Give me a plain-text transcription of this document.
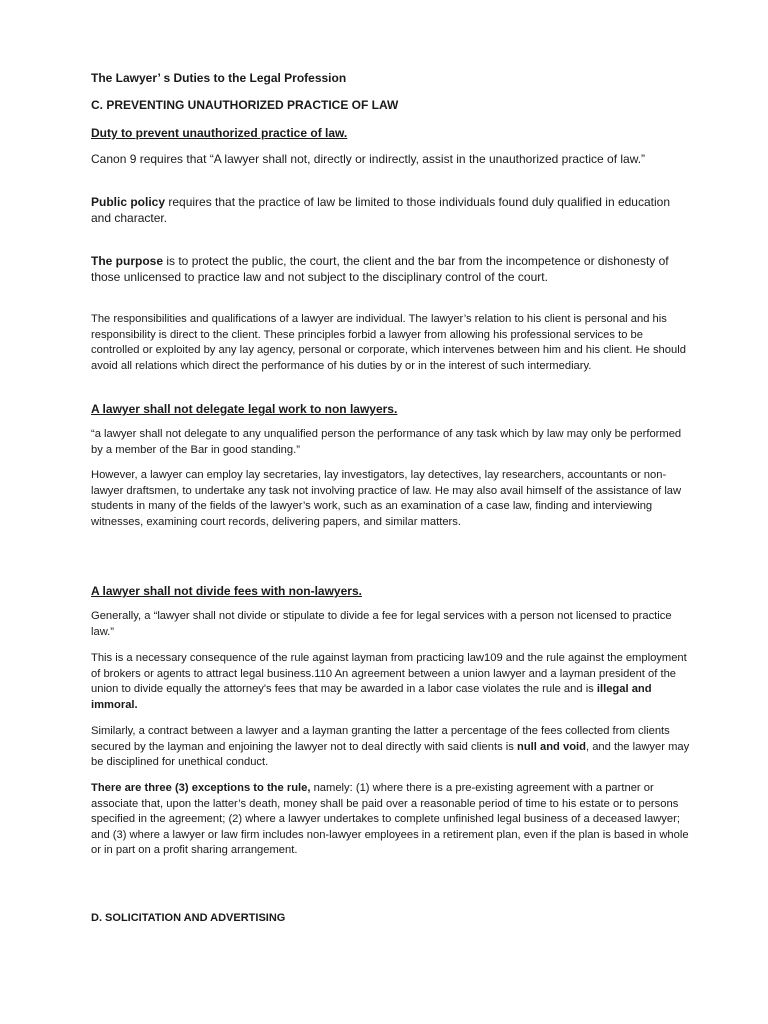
The Lawyer’ s Duties to the Legal Profession

C. PREVENTING UNAUTHORIZED PRACTICE OF LAW

Duty to prevent unauthorized practice of law.

Canon 9 requires that “A lawyer shall not, directly or indirectly, assist in the unauthorized practice of law.”

Public policy requires that the practice of law be limited to those individuals found duly qualified in education and character.

The purpose is to protect the public, the court, the client and the bar from the incompetence or dishonesty of those unlicensed to practice law and not subject to the disciplinary control of the court.

The responsibilities and qualifications of a lawyer are individual. The lawyer’s relation to his client is personal and his responsibility is direct to the client. These principles forbid a lawyer from allowing his professional services to be controlled or exploited by any lay agency, personal or corporate, which intervenes between him and his client. He should avoid all relations which direct the performance of his duties by or in the interest of such intermediary.

A lawyer shall not delegate legal work to non lawyers.

“a lawyer shall not delegate to any unqualified person the performance of any task which by law may only be performed by a member of the Bar in good standing.”

However, a lawyer can employ lay secretaries, lay investigators, lay detectives, lay researchers, accountants or non-lawyer draftsmen, to undertake any task not involving practice of law. He may also avail himself of the assistance of law students in many of the fields of the lawyer’s work, such as an examination of a case law, finding and interviewing witnesses, examining court records, delivering papers, and similar matters.

A lawyer shall not divide fees with non-lawyers.

Generally, a “lawyer shall not divide or stipulate to divide a fee for legal services with a person not licensed to practice law.”

This is a necessary consequence of the rule against layman from practicing law109 and the rule against the employment of brokers or agents to attract legal business.110 An agreement between a union lawyer and a layman president of the union to divide equally the attorney's fees that may be awarded in a labor case violates the rule and is illegal and immoral.

Similarly, a contract between a lawyer and a layman granting the latter a percentage of the fees collected from clients secured by the layman and enjoining the lawyer not to deal directly with said clients is null and void, and the lawyer may be disciplined for unethical conduct.

There are three (3) exceptions to the rule, namely: (1) where there is a pre-existing agreement with a partner or associate that, upon the latter’s death, money shall be paid over a reasonable period of time to his estate or to persons specified in the agreement; (2) where a lawyer undertakes to complete unfinished legal business of a deceased lawyer; and (3) where a lawyer or law firm includes non-lawyer employees in a retirement plan, even if the plan is based in whole or in part on a profit sharing arrangement.

D. SOLICITATION AND ADVERTISING
